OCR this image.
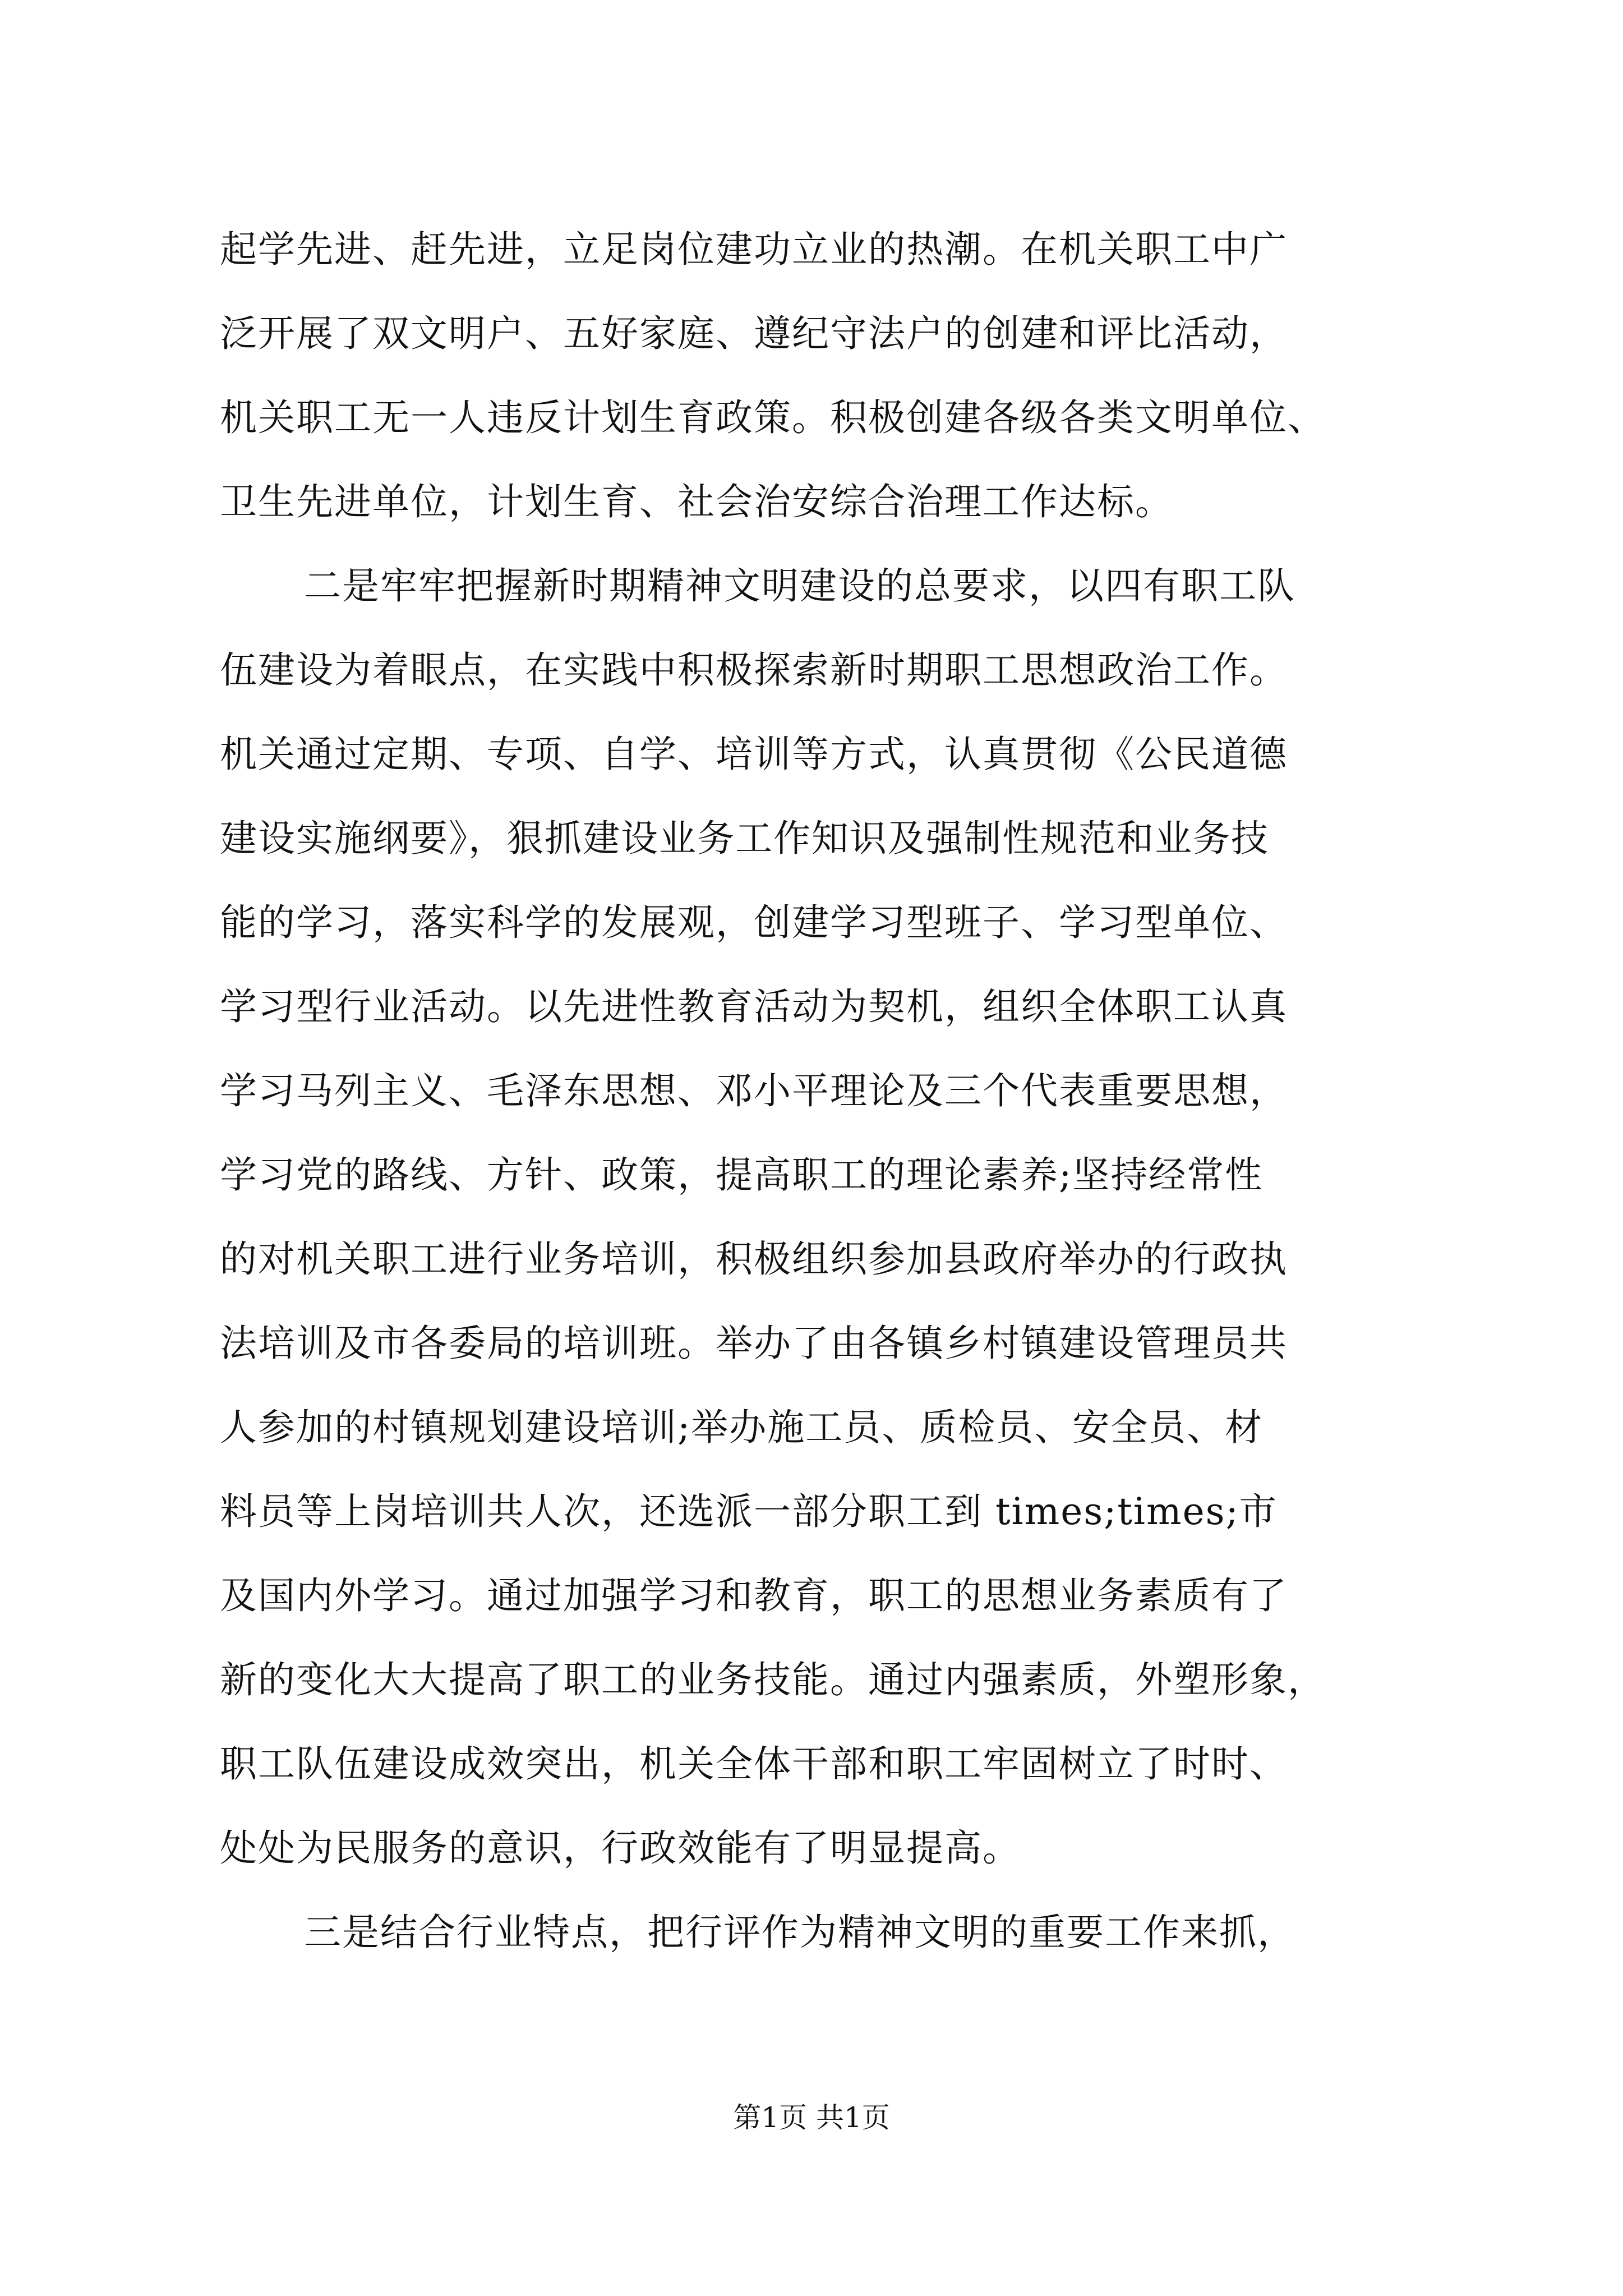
起学先进、赶先进，立足岗位建功立业的热潮。在机关职工中广
泛开展了双文明户、五好家庭、遵纪守法户的创建和评比活动，
机关职工无一人违反计划生育政策。积极创建各级各类文明单位、
卫生先进单位，计划生育、社会治安综合治理工作达标。
二是牢牢把握新时期精神文明建设的总要求，以四有职工队
伍建设为着眼点，在实践中积极探索新时期职工思想政治工作。
机关通过定期、专项、自学、培训等方式，认真贯彻《公民道德
建设实施纲要》，狠抓建设业务工作知识及强制性规范和业务技
能的学习，落实科学的发展观，创建学习型班子、学习型单位、
学习型行业活动。以先进性教育活动为契机，组织全体职工认真
学习马列主义、毛泽东思想、邓小平理论及三个代表重要思想，
学习党的路线、方针、政策，提高职工的理论素养;坚持经常性
的对机关职工进行业务培训，积极组织参加县政府举办的行政执
法培训及市各委局的培训班。举办了由各镇乡村镇建设管理员共
人参加的村镇规划建设培训;举办施工员、质检员、安全员、材
料员等上岗培训共人次，还选派一部分职工到 times;times;市
及国内外学习。通过加强学习和教育，职工的思想业务素质有了
新的变化大大提高了职工的业务技能。通过内强素质，外塑形象，
职工队伍建设成效突出，机关全体干部和职工牢固树立了时时、
处处为民服务的意识，行政效能有了明显提高。
三是结合行业特点，把行评作为精神文明的重要工作来抓，
第1页 共1页
